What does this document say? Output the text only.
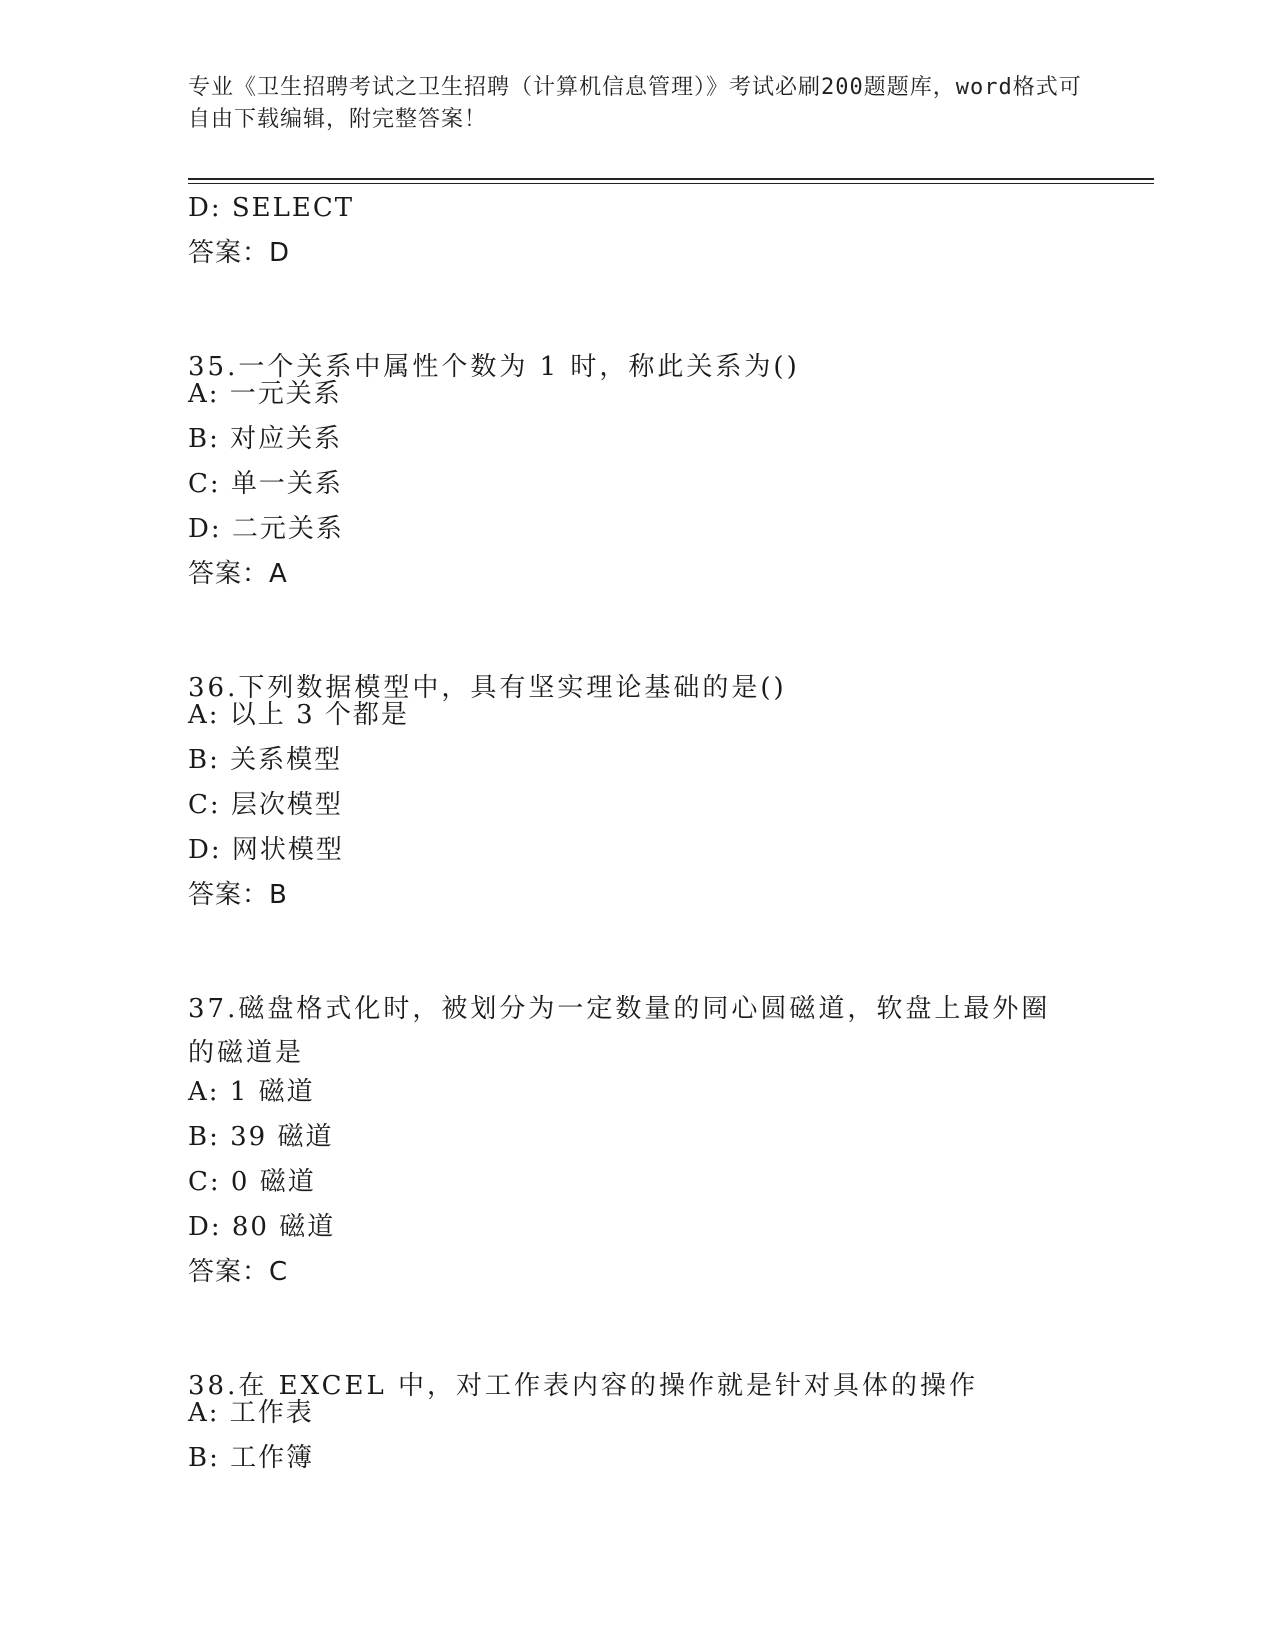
专业《卫生招聘考试之卫生招聘（计算机信息管理）》考试必刷200题题库，word格式可自由下载编辑，附完整答案！
D: SELECT
答案：D
35.一个关系中属性个数为 1 时，称此关系为()
A: 一元关系
B: 对应关系
C: 单一关系
D: 二元关系
答案：A
36.下列数据模型中，具有坚实理论基础的是()
A: 以上 3 个都是
B: 关系模型
C: 层次模型
D: 网状模型
答案：B
37.磁盘格式化时，被划分为一定数量的同心圆磁道，软盘上最外圈的磁道是
A: 1 磁道
B: 39 磁道
C: 0 磁道
D: 80 磁道
答案：C
38.在 EXCEL 中，对工作表内容的操作就是针对具体的操作
A: 工作表
B: 工作簿
